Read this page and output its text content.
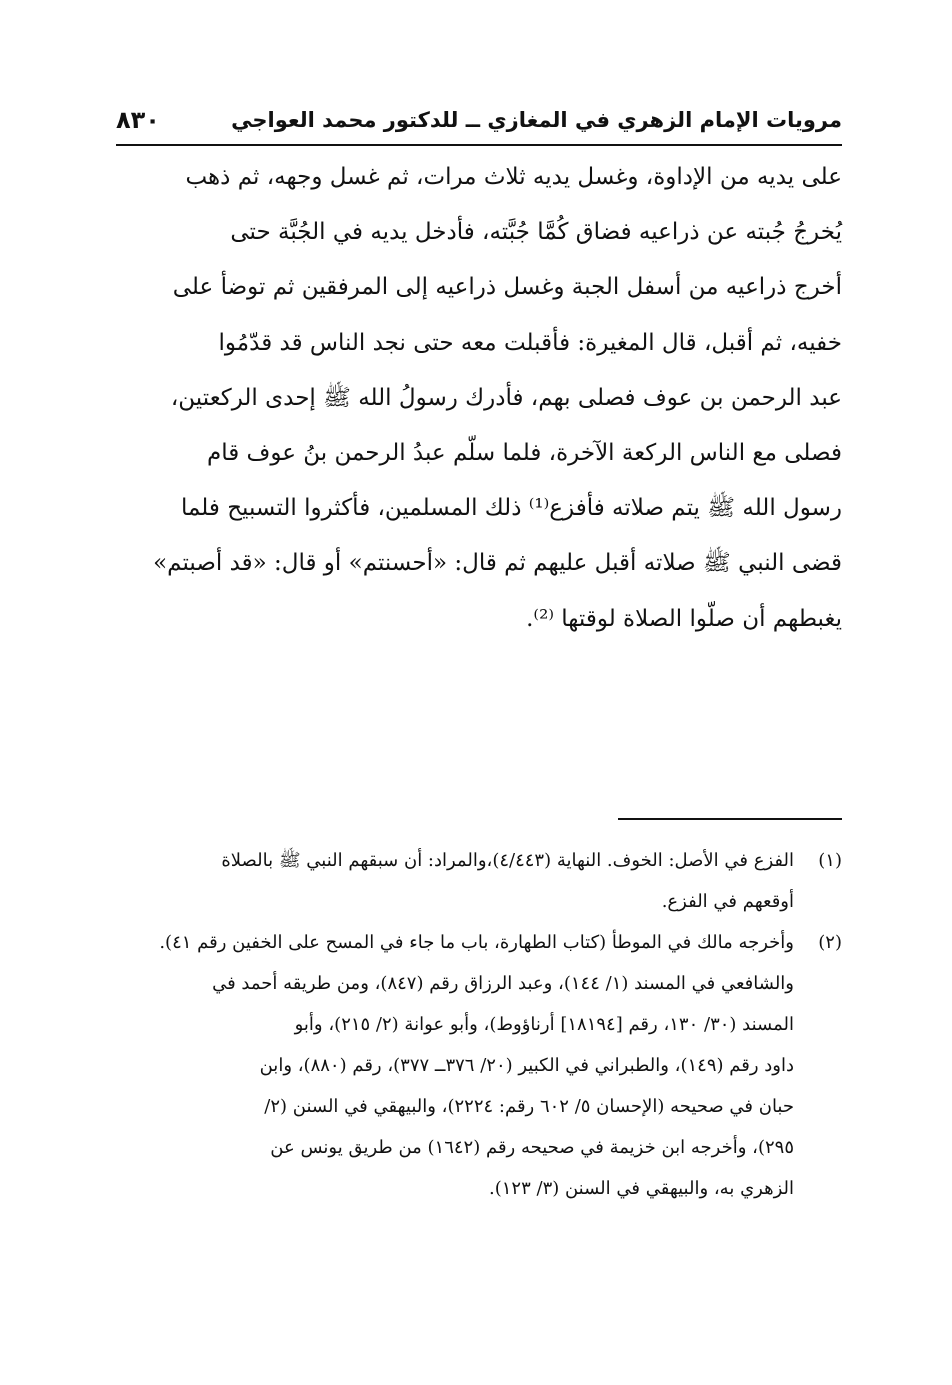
مرويات الإمام الزهري في المغازي ــ للدكتور محمد العواجي
٨٣٠
على يديه من الإداوة، وغسل يديه ثلاث مرات، ثم غسل وجهه، ثم ذهب
يُخرجُ جُبته عن ذراعيه فضاق كُمَّا جُبَّته، فأدخل يديه في الجُبَّة حتى
أخرج ذراعيه من أسفل الجبة وغسل ذراعيه إلى المرفقين ثم توضأ على
خفيه، ثم أقبل، قال المغيرة: فأقبلت معه حتى نجد الناس قد قدّمُوا
عبد الرحمن بن عوف فصلى بهم، فأدرك رسولُ الله ﷺ إحدى الركعتين،
فصلى مع الناس الركعة الآخرة، فلما سلّم عبدُ الرحمن بنُ عوف قام
رسول الله ﷺ يتم صلاته فأفزع⁽¹⁾ ذلك المسلمين، فأكثروا التسبيح فلما
قضى النبي ﷺ صلاته أقبل عليهم ثم قال: «أحسنتم» أو قال: «قد أصبتم»
يغبطهم أن صلّوا الصلاة لوقتها ⁽²⁾.
(١)
الفزع في الأصل: الخوف. النهاية (٤/٤٤٣)،والمراد: أن سبقهم النبي ﷺ بالصلاة
أوقعهم في الفزع.
(٢)
وأخرجه مالك في الموطأ (كتاب الطهارة، باب ما جاء في المسح على الخفين رقم ٤١).
والشافعي في المسند (١/ ١٤٤)، وعبد الرزاق رقم (٨٤٧)، ومن طريقه أحمد في
المسند (٣٠/ ١٣٠، رقم [١٨١٩٤] أرناؤوط)، وأبو عوانة (٢/ ٢١٥)، وأبو
داود رقم (١٤٩)، والطبراني في الكبير (٢٠/ ٣٧٦ــ ٣٧٧)، رقم (٨٨٠)، وابن
حبان في صحيحه (الإحسان ٥/ ٦٠٢ رقم: ٢٢٢٤)، والبيهقي في السنن (٢/
٢٩٥)، وأخرجه ابن خزيمة في صحيحه رقم (١٦٤٢) من طريق يونس عن
الزهري به، والبيهقي في السنن (٣/ ١٢٣).
